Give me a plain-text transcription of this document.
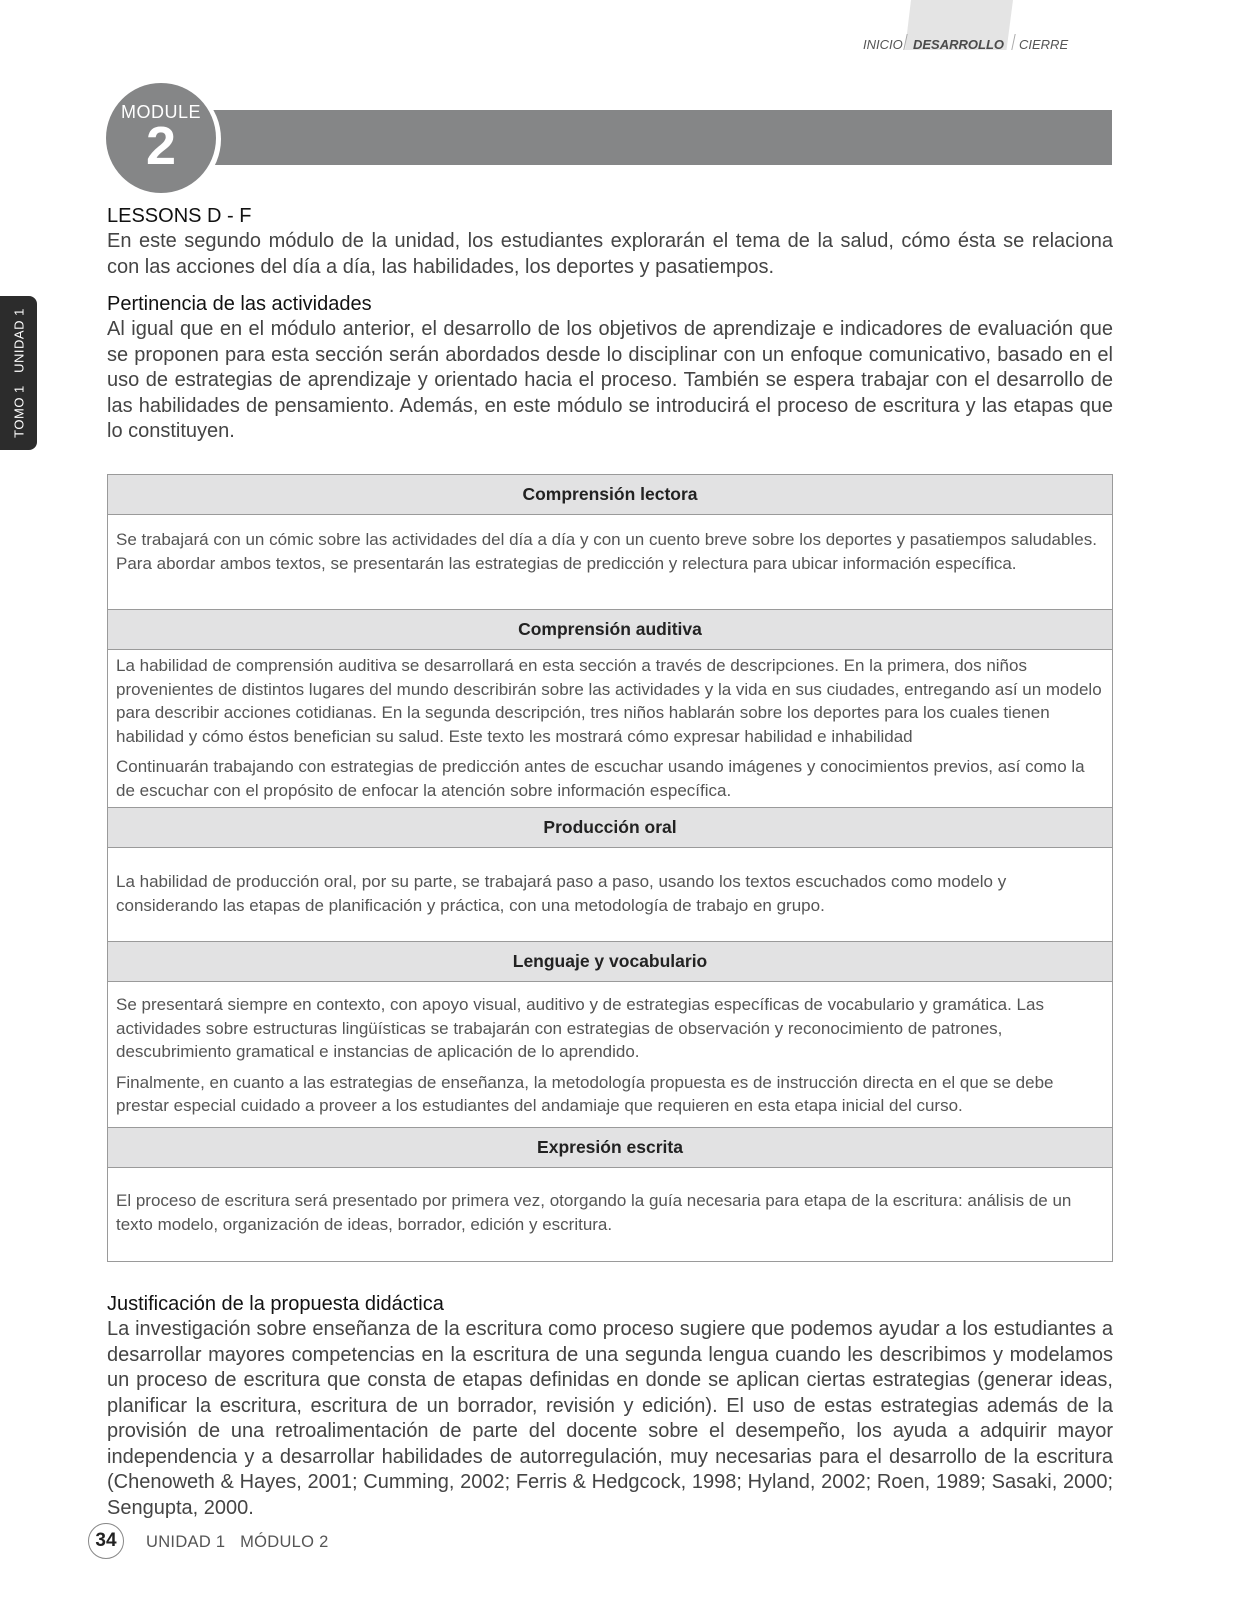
INICIO DESARROLLO CIERRE
TOMO 1   UNIDAD 1
MODULE
2
LESSONS D - F
En este segundo módulo de la unidad, los estudiantes explorarán el tema de la salud, cómo ésta se relaciona con las acciones del día a día, las habilidades, los deportes y pasatiempos.
Pertinencia de las actividades
Al igual que en el módulo anterior, el desarrollo de los objetivos de aprendizaje e indicadores de evaluación que se proponen para esta sección serán abordados desde lo disciplinar con un enfoque comunicativo, basado en el uso de estrategias de aprendizaje y orientado hacia el proceso. También se espera trabajar con el desarrollo de las habilidades de pensamiento. Además, en este módulo se introducirá el proceso de escritura y las etapas que lo constituyen.
Comprensión lectora

Se trabajará con un cómic sobre las actividades del día a día y con un cuento breve sobre los deportes y pasatiempos saludables. Para abordar ambos textos, se presentarán las estrategias de predicción y relectura para ubicar información específica.

Comprensión auditiva

La habilidad de comprensión auditiva se desarrollará en esta sección a través de descripciones. En la primera, dos niños provenientes de distintos lugares del mundo describirán sobre las actividades y la vida en sus ciudades, entregando así un modelo para describir acciones cotidianas. En la segunda descripción, tres niños hablarán sobre los deportes para los cuales tienen habilidad y cómo éstos benefician su salud. Este texto les mostrará cómo expresar habilidad e inhabilidad

Continuarán trabajando con estrategias de predicción antes de escuchar usando imágenes y conocimientos previos, así como la de escuchar con el propósito de enfocar la atención sobre información específica.

Producción oral

La habilidad de producción oral, por su parte, se trabajará paso a paso, usando los textos escuchados como modelo y considerando las etapas de planificación y práctica, con una metodología de trabajo en grupo.

Lenguaje y vocabulario

Se presentará siempre en contexto, con apoyo visual, auditivo y de estrategias específicas de vocabulario y gramática. Las actividades sobre estructuras lingüísticas se trabajarán con estrategias de observación y reconocimiento de patrones, descubrimiento gramatical e instancias de aplicación de lo aprendido.

Finalmente, en cuanto a las estrategias de enseñanza, la metodología propuesta es de instrucción directa en el que se debe prestar especial cuidado a proveer a los estudiantes del andamiaje que requieren en esta etapa inicial del curso.

Expresión escrita

El proceso de escritura será presentado por primera vez, otorgando la guía necesaria para etapa de la escritura: análisis de un texto modelo, organización de ideas, borrador, edición y escritura.

Justificación de la propuesta didáctica
La investigación sobre enseñanza de la escritura como proceso sugiere que podemos ayudar a los estudiantes a desarrollar mayores competencias en la escritura de una segunda lengua cuando les describimos y modelamos un proceso de escritura que consta de etapas definidas en donde se aplican ciertas estrategias (generar ideas, planificar la escritura, escritura de un borrador, revisión y edición). El uso de estas estrategias además de la provisión de una retroalimentación de parte del docente sobre el desempeño, los ayuda a adquirir mayor independencia y a desarrollar habilidades de autorregulación, muy necesarias para el desarrollo de la escritura (Chenoweth & Hayes, 2001; Cumming, 2002; Ferris & Hedgcock, 1998; Hyland, 2002; Roen, 1989; Sasaki, 2000; Sengupta, 2000.
34	UNIDAD 1   MÓDULO 2
